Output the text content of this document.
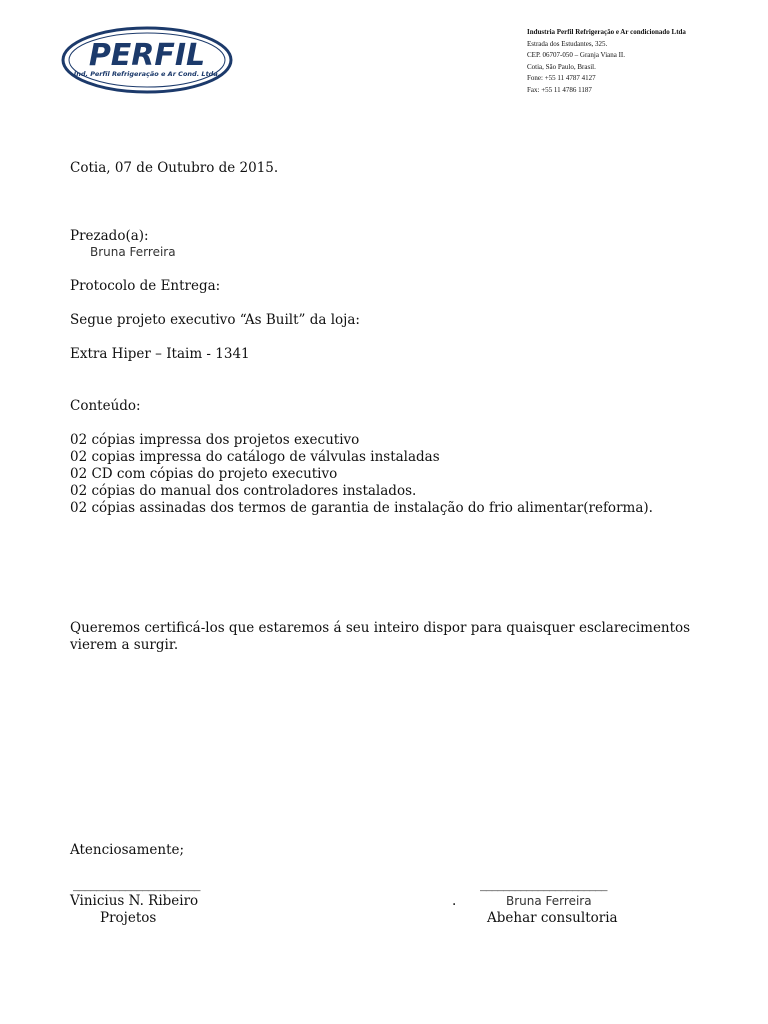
PERFIL
Ind. Perfil Refrigeração e Ar Cond. Ltda.
Industria Perfil Refrigeração e Ar condicionado Ltda
Estrada dos Estudantes, 325.
CEP. 06707-050 – Granja Viana II.
Cotia, São Paulo, Brasil.
Fone: +55 11 4787 4127
Fax: +55 11 4786 1187
Cotia, 07 de Outubro de 2015.
Prezado(a):
Bruna Ferreira
Protocolo de Entrega:
Segue projeto executivo “As Built” da loja:
Extra Hiper – Itaim - 1341
Conteúdo:
02 cópias impressa dos projetos executivo
02 copias impressa do catálogo de válvulas instaladas
02 CD com cópias do projeto executivo
02 cópias do manual dos controladores instalados.
02 cópias assinadas dos termos de garantia de instalação do frio alimentar(reforma).
Queremos certificá-los que estaremos á seu inteiro dispor para quaisquer esclarecimentos vierem a surgir.
Atenciosamente;
______________________
Vinicius N. Ribeiro
Projetos
______________________
.	Bruna Ferreira
Abehar consultoria
